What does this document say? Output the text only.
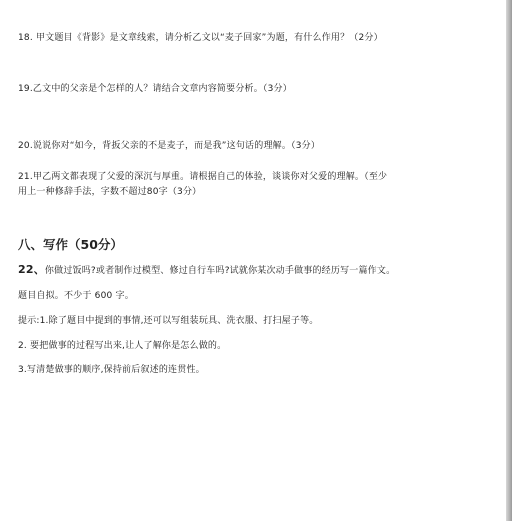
18. 甲文题目《背影》是文章线索，请分析乙文以“麦子回家”为题，有什么作用？（2分）
19.乙文中的父亲是个怎样的人？请结合文章内容简要分析。（3分）
20.说说你对“如今，背扳父亲的不是麦子，而是我”这句话的理解。（3分）
21.甲乙两文都表现了父爱的深沉与厚重。请根据自己的体验，谈谈你对父爱的理解。（至少
用上一种修辞手法，字数不超过80字（3分）
八、写作（50分）
22、你做过饭吗?或者制作过模型、修过自行车吗?试就你某次动手做事的经历写一篇作文。
题目自拟。不少于 600 字。
提示:1.除了题目中提到的事情,还可以写组装玩具、洗衣服、打扫屋子等。
2. 要把做事的过程写出来,让人了解你是怎么做的。
3.写清楚做事的顺序,保持前后叙述的连贯性。
